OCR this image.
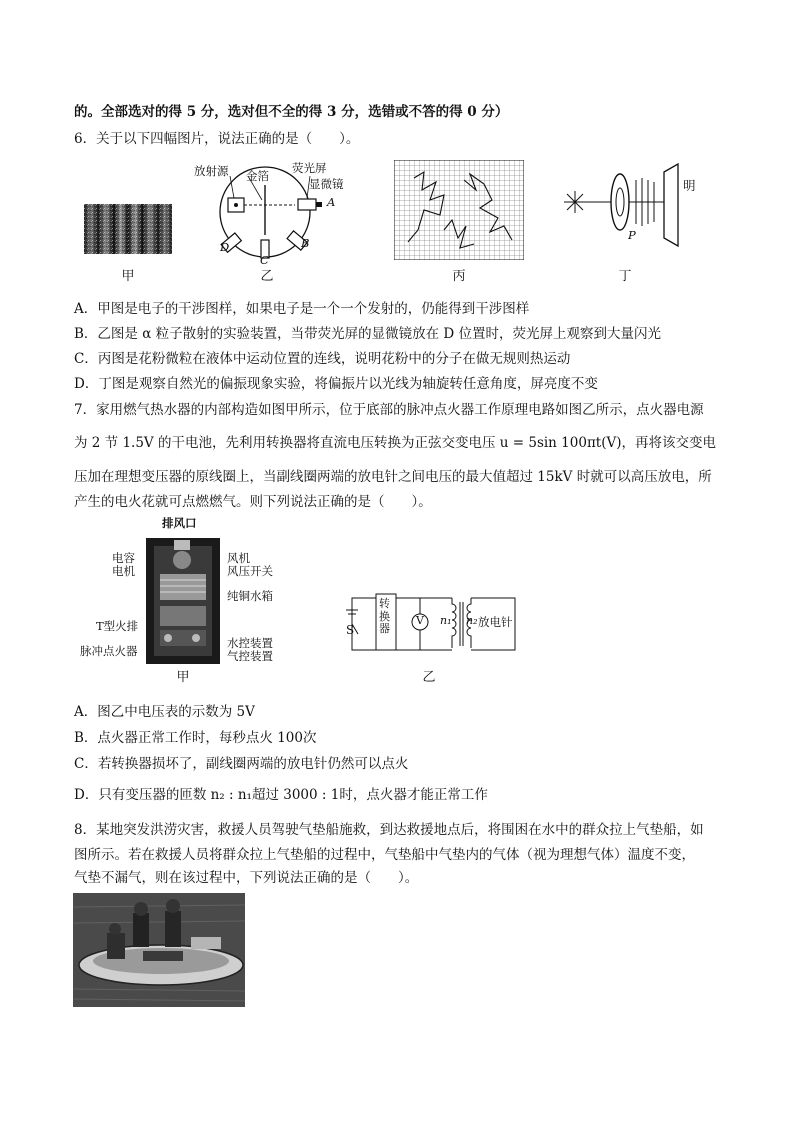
的。全部选对的得 5 分，选对但不全的得 3 分，选错或不答的得 0 分）
6．关于以下四幅图片，说法正确的是（　　）。
甲
放射源 金箔
荧光屏
显微镜
A
B
C
D
乙	丙
P
明
丁
A．甲图是电子的干涉图样，如果电子是一个一个发射的，仍能得到干涉图样
B．乙图是 α 粒子散射的实验装置，当带荧光屏的显微镜放在 D 位置时，荧光屏上观察到大量闪光
C．丙图是花粉微粒在液体中运动位置的连线，说明花粉中的分子在做无规则热运动
D．丁图是观察自然光的偏振现象实验，将偏振片以光线为轴旋转任意角度，屏亮度不变
7．家用燃气热水器的内部构造如图甲所示，位于底部的脉冲点火器工作原理电路如图乙所示，点火器电源
为 2 节 1.5V 的干电池，先利用转换器将直流电压转换为正弦交变电压 u = 5sin 100πt(V)，再将该交变电
压加在理想变压器的原线圈上，当副线圈两端的放电针之间电压的最大值超过 15kV 时就可以高压放电，所
产生的电火花就可点燃燃气。则下列说法正确的是（　　）。
排风口
电容
电机
风机
风压开关
纯铜水箱
T型火排
脉冲点火器
水控装置
气控装置
甲
S
转换器
V n₁ n₂ 放电针
乙
A．图乙中电压表的示数为 5V
B．点火器正常工作时，每秒点火 100次
C．若转换器损坏了，副线圈两端的放电针仍然可以点火
D．只有变压器的匝数 n₂ : n₁超过 3000 : 1时，点火器才能正常工作
8．某地突发洪涝灾害，救援人员驾驶气垫船施救，到达救援地点后，将围困在水中的群众拉上气垫船，如
图所示。若在救援人员将群众拉上气垫船的过程中，气垫船中气垫内的气体（视为理想气体）温度不变，
气垫不漏气，则在该过程中，下列说法正确的是（　　）。
